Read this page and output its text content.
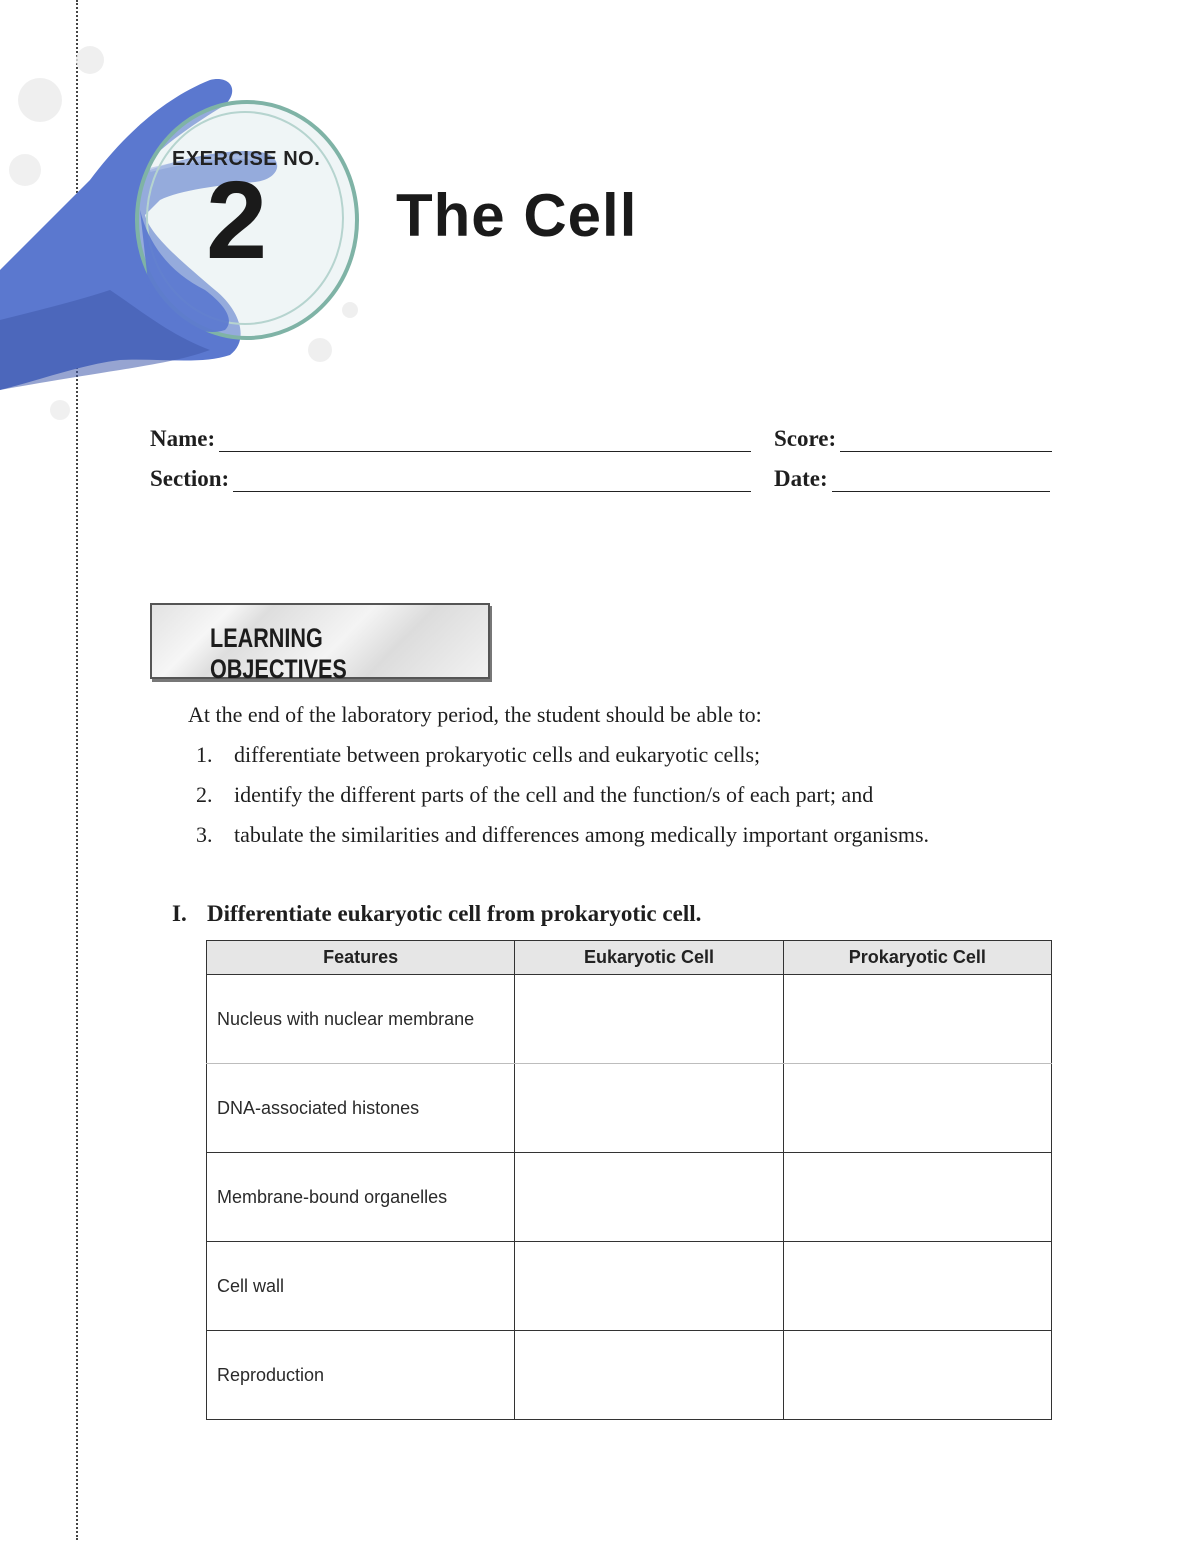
EXERCISE NO.
2 The Cell
Name:
Section:
Score:
Date:
LEARNING OBJECTIVES
At the end of the laboratory period, the student should be able to:
1. differentiate between prokaryotic cells and eukaryotic cells;
2. identify the different parts of the cell and the function/s of each part; and
3. tabulate the similarities and differences among medically important organisms.
I. Differentiate eukaryotic cell from prokaryotic cell.
Features	Eukaryotic Cell	Prokaryotic Cell
Nucleus with nuclear membrane		
DNA-associated histones		
Membrane-bound organelles		
Cell wall		
Reproduction		
